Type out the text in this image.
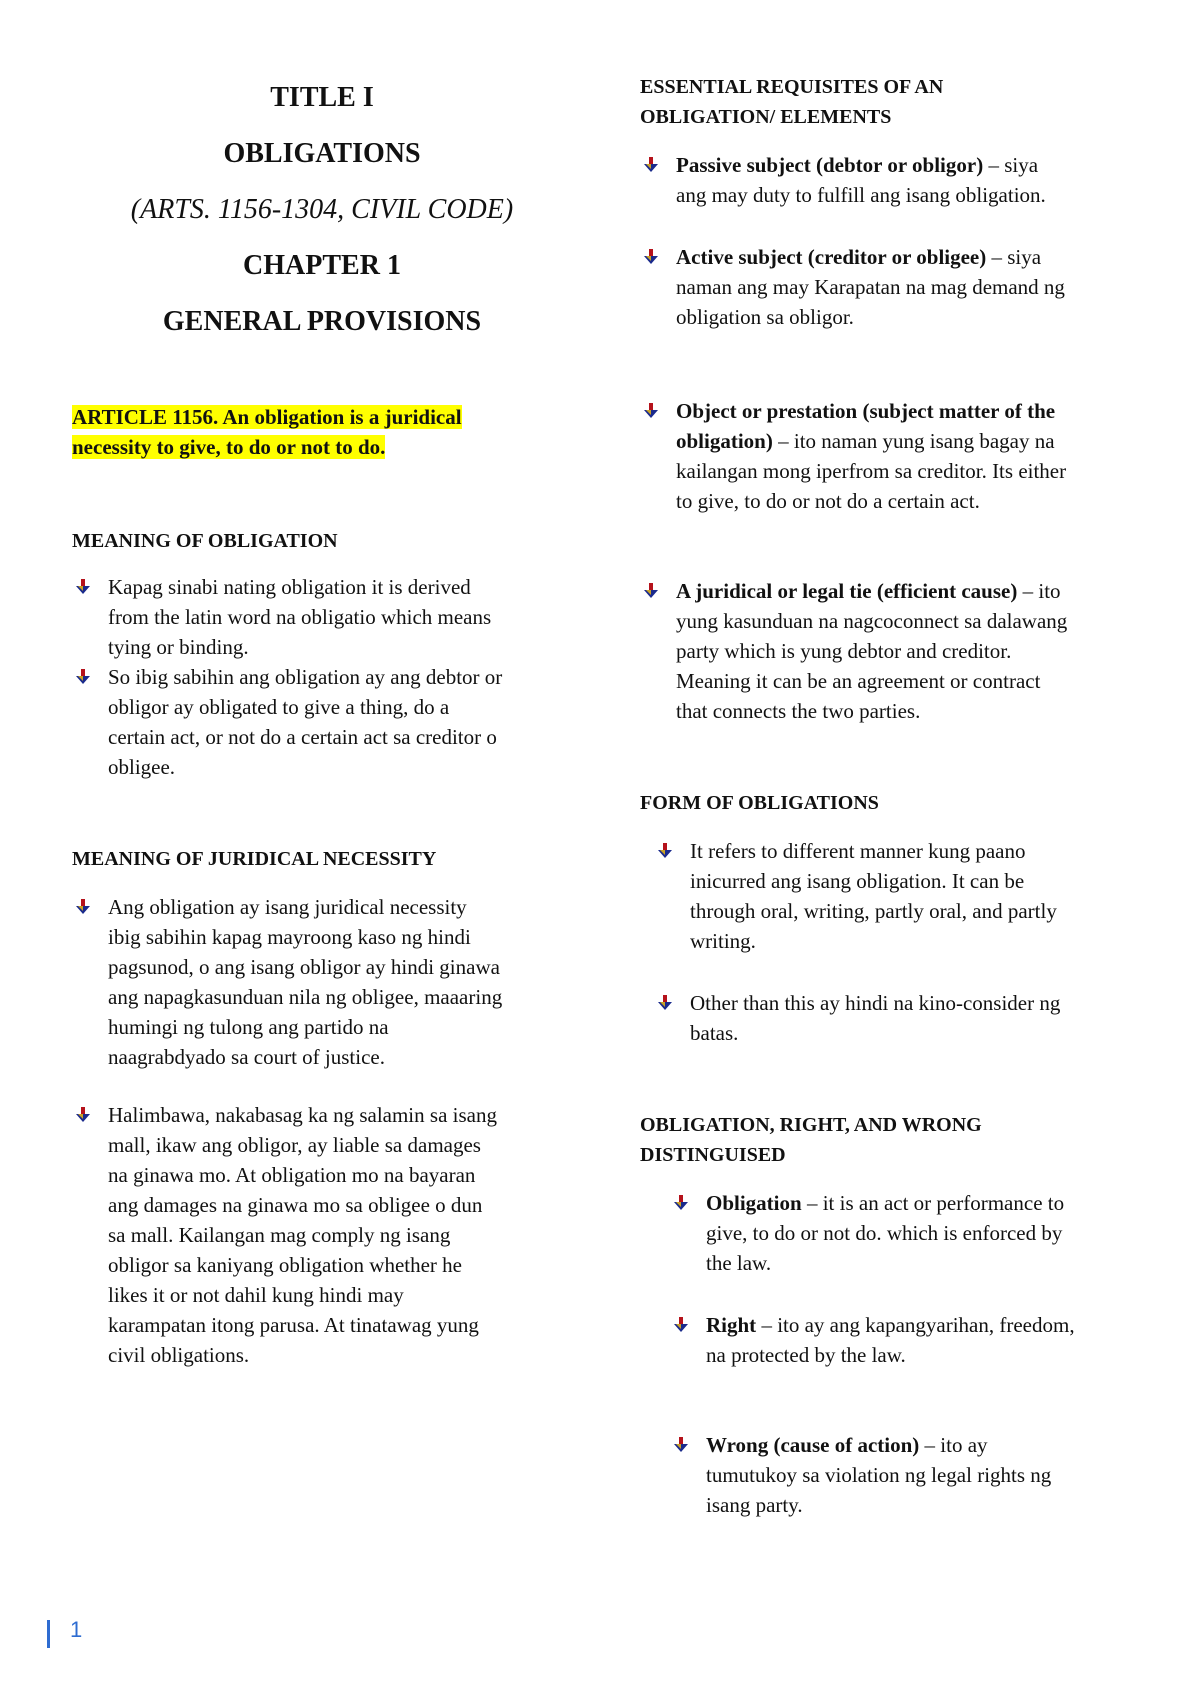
TITLE I
OBLIGATIONS
(ARTS. 1156-1304, CIVIL CODE)
CHAPTER 1
GENERAL PROVISIONS
ARTICLE 1156. An obligation is a juridical
necessity to give, to do or not to do.
MEANING OF OBLIGATION
Kapag sinabi nating obligation it is derived
from the latin word na obligatio which means
tying or binding.
So ibig sabihin ang obligation ay ang debtor or
obligor ay obligated to give a thing, do a
certain act, or not do a certain act sa creditor o
obligee.
MEANING OF JURIDICAL NECESSITY
Ang obligation ay isang juridical necessity
ibig sabihin kapag mayroong kaso ng hindi
pagsunod, o ang isang obligor ay hindi ginawa
ang napagkasunduan nila ng obligee, maaaring
humingi ng tulong ang partido na
naagrabdyado sa court of justice.
Halimbawa, nakabasag ka ng salamin sa isang
mall, ikaw ang obligor, ay liable sa damages
na ginawa mo. At obligation mo na bayaran
ang damages na ginawa mo sa obligee o dun
sa mall. Kailangan mag comply ng isang
obligor sa kaniyang obligation whether he
likes it or not dahil kung hindi may
karampatan itong parusa. At tinatawag yung
civil obligations.
ESSENTIAL REQUISITES OF AN
OBLIGATION/ ELEMENTS
Passive subject (debtor or obligor) – siya
ang may duty to fulfill ang isang obligation.
Active subject (creditor or obligee) – siya
naman ang may Karapatan na mag demand ng
obligation sa obligor.
Object or prestation (subject matter of the
obligation) – ito naman yung isang bagay na
kailangan mong iperfrom sa creditor. Its either
to give, to do or not do a certain act.
A juridical or legal tie (efficient cause) – ito
yung kasunduan na nagcoconnect sa dalawang
party which is yung debtor and creditor.
Meaning it can be an agreement or contract
that connects the two parties.
FORM OF OBLIGATIONS
It refers to different manner kung paano
inicurred ang isang obligation. It can be
through oral, writing, partly oral, and partly
writing.
Other than this ay hindi na kino-consider ng
batas.
OBLIGATION, RIGHT, AND WRONG
DISTINGUISED
Obligation – it is an act or performance to
give, to do or not do. which is enforced by
the law.
Right – ito ay ang kapangyarihan, freedom,
na protected by the law.
Wrong (cause of action) – ito ay
tumutukoy sa violation ng legal rights ng
isang party.
1
